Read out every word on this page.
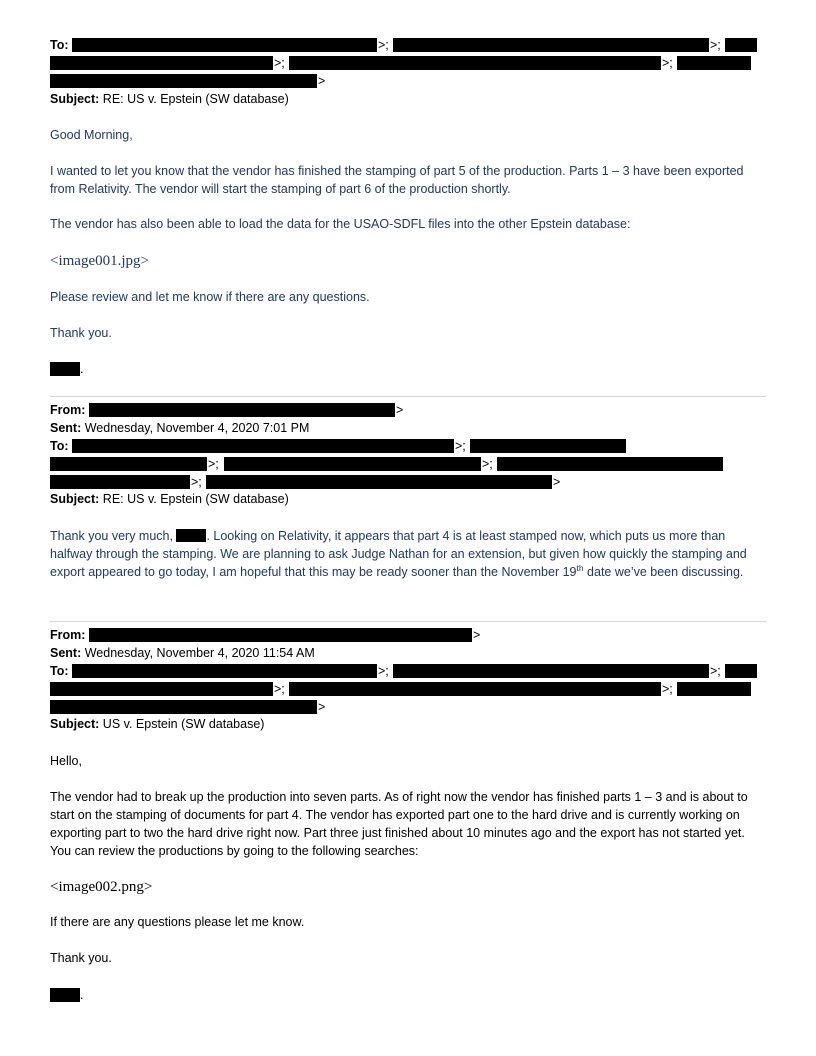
To:	>;	>;
>;	>;
>
Subject: RE: US v. Epstein (SW database)
Good Morning,
I wanted to let you know that the vendor has finished the stamping of part 5 of the production. Parts 1 – 3 have been exported from Relativity. The vendor will start the stamping of part 6 of the production shortly.
The vendor has also been able to load the data for the USAO-SDFL files into the other Epstein database:
<image001.jpg>
Please review and let me know if there are any questions.
Thank you.
.
From:	>
Sent: Wednesday, November 4, 2020 7:01 PM
To:	>;
>;	>;
>;	>
Subject: RE: US v. Epstein (SW database)
Thank you very much, . Looking on Relativity, it appears that part 4 is at least stamped now, which puts us more than halfway through the stamping. We are planning to ask Judge Nathan for an extension, but given how quickly the stamping and export appeared to go today, I am hopeful that this may be ready sooner than the November 19th date we’ve been discussing.
From:	>
Sent: Wednesday, November 4, 2020 11:54 AM
To:	>;	>;
>;	>;
>
Subject: US v. Epstein (SW database)
Hello,
The vendor had to break up the production into seven parts. As of right now the vendor has finished parts 1 – 3 and is about to start on the stamping of documents for part 4. The vendor has exported part one to the hard drive and is currently working on exporting part to two the hard drive right now. Part three just finished about 10 minutes ago and the export has not started yet. You can review the productions by going to the following searches:
<image002.png>
If there are any questions please let me know.
Thank you.
.
